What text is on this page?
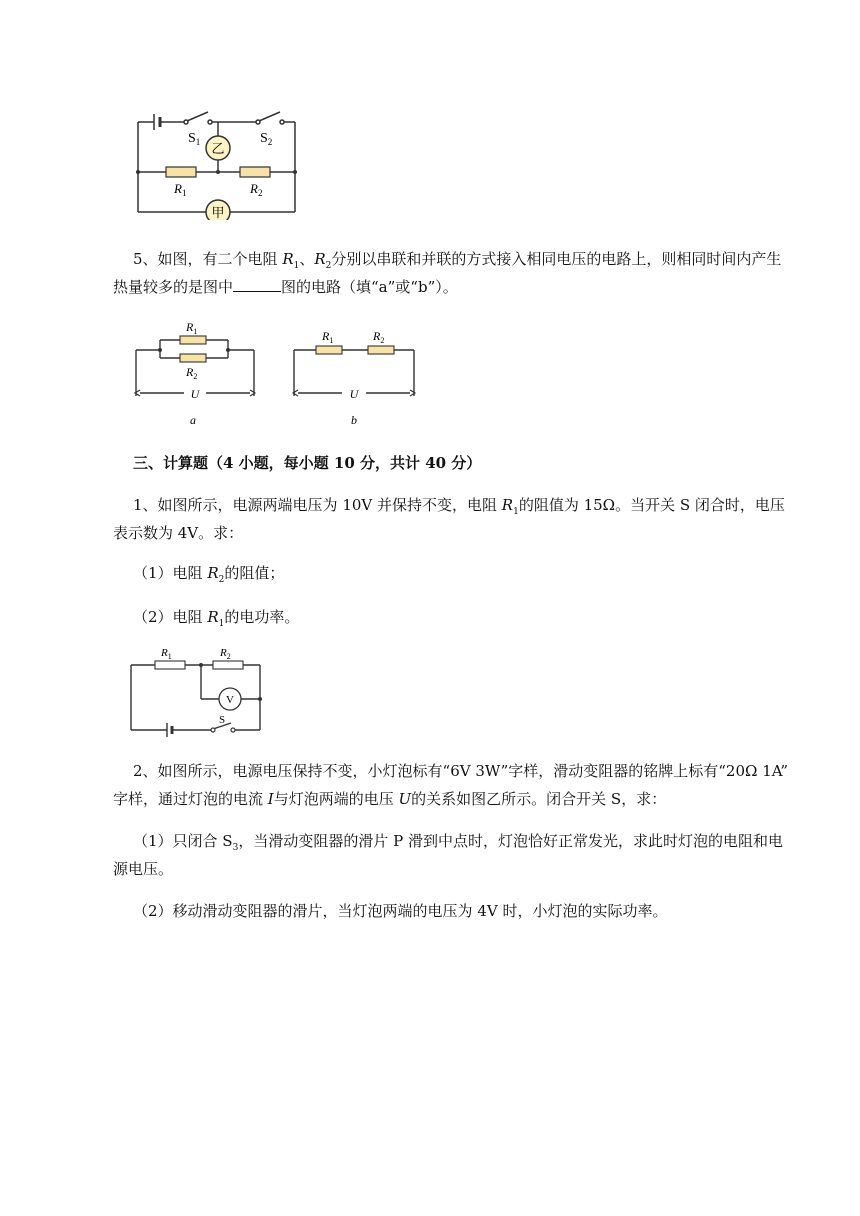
乙
甲
$S_1$	$S_2$
$R_1$	$R_2$
5、如图，有二个电阻 $R_1$、$R_2$分别以串联和并联的方式接入相同电压的电路上，则相同时间内产生
热量较多的是图中	图的电路（填“a”或“b”）。
$R_1$
$R_2$
U
a
$R_1$	$R_2$
U
b
三、计算题（4 小题，每小题 10 分，共计 40 分）
1、如图所示，电源两端电压为 10V 并保持不变，电阻 $R_1$的阻值为 15Ω。当开关 S 闭合时，电压
表示数为 4V。求：
（1）电阻 $R_2$的阻值；
（2）电阻 $R_1$的电功率。
V
$R_1$	$R_2$
S
2、如图所示，电源电压保持不变，小灯泡标有“6V 3W”字样，滑动变阻器的铭牌上标有“20Ω 1A”
字样，通过灯泡的电流 I与灯泡两端的电压 U的关系如图乙所示。闭合开关 S，求：
（1）只闭合 $S_3$，当滑动变阻器的滑片 P 滑到中点时，灯泡恰好正常发光，求此时灯泡的电阻和电
源电压。
（2）移动滑动变阻器的滑片，当灯泡两端的电压为 4V 时，小灯泡的实际功率。
